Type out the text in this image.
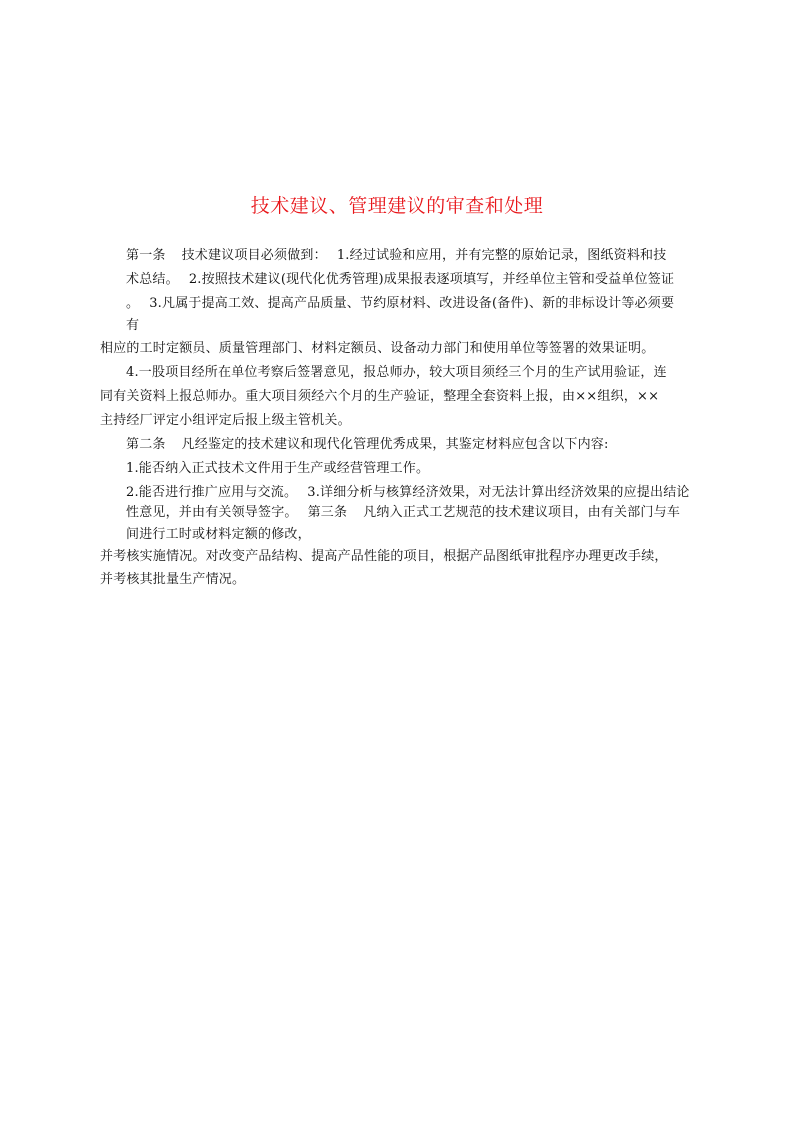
技术建议、管理建议的审查和处理
第一条 技术建议项目必须做到： 1.经过试验和应用，并有完整的原始记录，图纸资料和技
术总结。 2.按照技术建议(现代化优秀管理)成果报表逐项填写，并经单位主管和受益单位签证
。 3.凡属于提高工效、提高产品质量、节约原材料、改进设备(备件)、新的非标设计等必须要
有
相应的工时定额员、质量管理部门、材料定额员、设备动力部门和使用单位等签署的效果证明。
4.一股项目经所在单位考察后签署意见，报总师办，较大项目须经三个月的生产试用验证，连
同有关资料上报总师办。重大项目须经六个月的生产验证，整理全套资料上报，由××组织，××
主持经厂评定小组评定后报上级主管机关。
第二条 凡经鉴定的技术建议和现代化管理优秀成果，其鉴定材料应包含以下内容:
1.能否纳入正式技术文件用于生产或经营管理工作。
2.能否进行推广应用与交流。 3.详细分析与核算经济效果，对无法计算出经济效果的应提出结论
性意见，并由有关领导签字。 第三条 凡纳入正式工艺规范的技术建议项目，由有关部门与车
间进行工时或材料定额的修改，
并考核实施情况。对改变产品结构、提高产品性能的项目，根据产品图纸审批程序办理更改手续，
并考核其批量生产情况。
